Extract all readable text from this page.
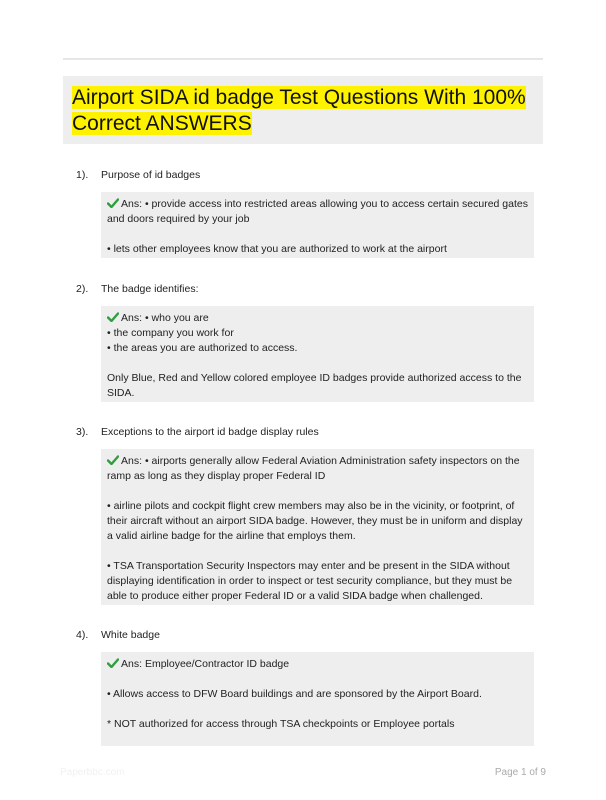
Airport SIDA id badge Test Questions With 100% Correct ANSWERS
1). Purpose of id badges

Ans: • provide access into restricted areas allowing you to access certain secured gates and doors required by your job

• lets other employees know that you are authorized to work at the airport

2). The badge identifies:

Ans: • who you are

• the company you work for

• the areas you are authorized to access.

Only Blue, Red and Yellow colored employee ID badges provide authorized access to the SIDA.

3). Exceptions to the airport id badge display rules

Ans: • airports generally allow Federal Aviation Administration safety inspectors on the ramp as long as they display proper Federal ID

• airline pilots and cockpit flight crew members may also be in the vicinity, or footprint, of their aircraft without an airport SIDA badge. However, they must be in uniform and display a valid airline badge for the airline that employs them.

• TSA Transportation Security Inspectors may enter and be present in the SIDA without displaying identification in order to inspect or test security compliance, but they must be able to produce either proper Federal ID or a valid SIDA badge when challenged.

4). White badge

Ans: Employee/Contractor ID badge

• Allows access to DFW Board buildings and are sponsored by the Airport Board.

* NOT authorized for access through TSA checkpoints or Employee portals

Paperbbc.com	Page 1 of 9
